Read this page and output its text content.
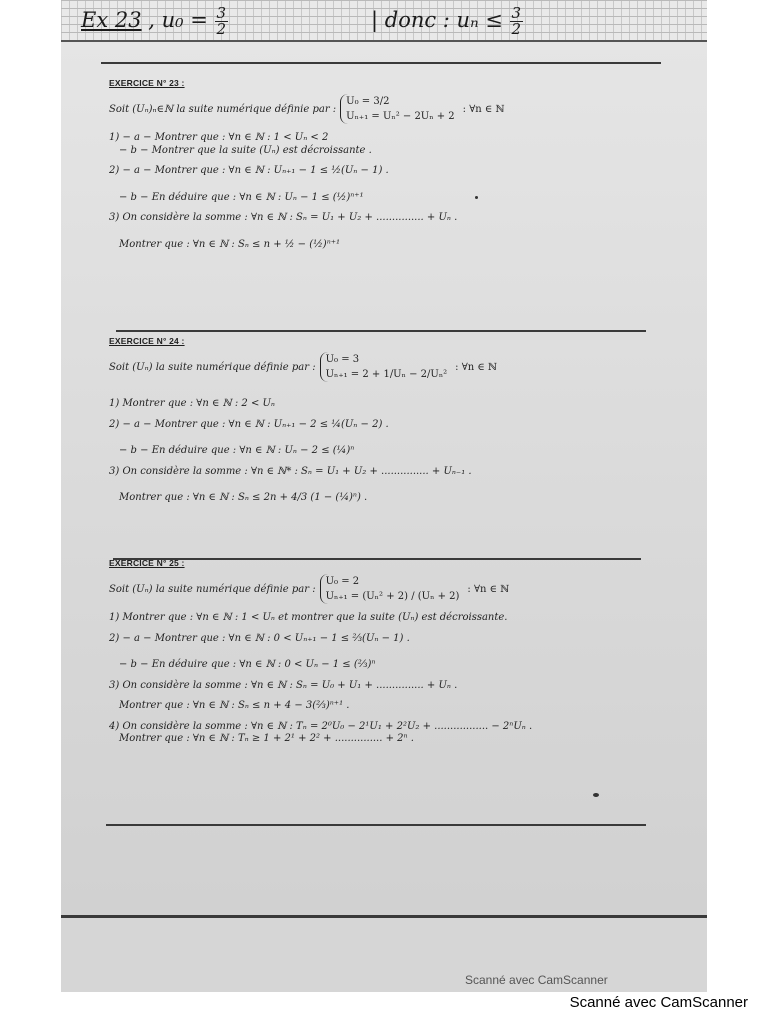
Ex 23 , $u_0 = \frac{3}{2}$	| donc : $u_n \le \frac{3}{2}$
EXERCICE N° 23 :
Soit (Uₙ)ₙ∈ℕ la suite numérique définie par :
U₀ = 3/2
Uₙ₊₁ = Uₙ² − 2Uₙ + 2
: ∀n ∈ ℕ

1) − a − Montrer que : ∀n ∈ ℕ : 1 < Uₙ < 2

− b − Montrer que la suite (Uₙ) est décroissante .

2) − a − Montrer que : ∀n ∈ ℕ : Uₙ₊₁ − 1 ≤ ½(Uₙ − 1) .

− b − En déduire que : ∀n ∈ ℕ : Uₙ − 1 ≤ (½)ⁿ⁺¹

3) On considère la somme : ∀n ∈ ℕ : Sₙ = U₁ + U₂ + ............... + Uₙ .

Montrer que : ∀n ∈ ℕ : Sₙ ≤ n + ½ − (½)ⁿ⁺¹

EXERCICE N° 24 :
Soit (Uₙ) la suite numérique définie par :
U₀ = 3
Uₙ₊₁ = 2 + 1/Uₙ − 2/Uₙ²
: ∀n ∈ ℕ

1) Montrer que : ∀n ∈ ℕ : 2 < Uₙ

2) − a − Montrer que : ∀n ∈ ℕ : Uₙ₊₁ − 2 ≤ ¼(Uₙ − 2) .

− b − En déduire que : ∀n ∈ ℕ : Uₙ − 2 ≤ (¼)ⁿ

3) On considère la somme : ∀n ∈ ℕ* : Sₙ = U₁ + U₂ + ............... + Uₙ₋₁ .

Montrer que : ∀n ∈ ℕ : Sₙ ≤ 2n + 4/3 (1 − (¼)ⁿ) .

EXERCICE N° 25 :
Soit (Uₙ) la suite numérique définie par :
U₀ = 2
Uₙ₊₁ = (Uₙ² + 2) / (Uₙ + 2)
: ∀n ∈ ℕ

1) Montrer que : ∀n ∈ ℕ : 1 < Uₙ et montrer que la suite (Uₙ) est décroissante.

2) − a − Montrer que : ∀n ∈ ℕ : 0 < Uₙ₊₁ − 1 ≤ ⅔(Uₙ − 1) .

− b − En déduire que : ∀n ∈ ℕ : 0 < Uₙ − 1 ≤ (⅔)ⁿ

3) On considère la somme : ∀n ∈ ℕ : Sₙ = U₀ + U₁ + ............... + Uₙ .

Montrer que : ∀n ∈ ℕ : Sₙ ≤ n + 4 − 3(⅔)ⁿ⁺¹ .

4) On considère la somme : ∀n ∈ ℕ : Tₙ = 2⁰U₀ − 2¹U₁ + 2²U₂ + ................. − 2ⁿUₙ .

Montrer que : ∀n ∈ ℕ : Tₙ ≥ 1 + 2¹ + 2² + ............... + 2ⁿ .

Scanné avec CamScanner
Scanné avec CamScanner
